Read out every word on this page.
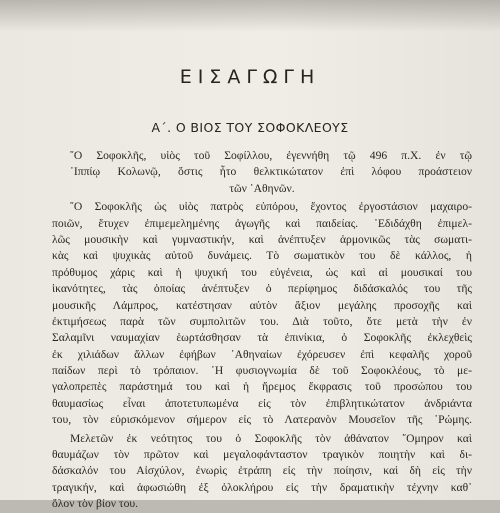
ΕΙΣΑΓΩΓΗ
Α΄. Ο ΒΙΟΣ ΤΟΥ ΣΟΦΟΚΛΕΟΥΣ
῞Ο Σοφοκλῆς, υἱὸς τοῦ Σοφίλλου, ἐγεννήθη τῷ 496 π.Χ. ἐν τῷ
῾Ιππίῳ Κολωνῷ, ὅστις ἦτο θελκτικώτατον ἐπὶ λόφου προάστειον
τῶν ᾿Αθηνῶν.
῞Ο Σοφοκλῆς ὡς υἱὸς πατρὸς εὐπόρου, ἔχοντος ἐργοστάσιον μαχαιρο-
ποιῶν, ἔτυχεν ἐπιμεμελημένης ἀγωγῆς καὶ παιδείας. ᾿Εδιδάχθη ἐπιμελ-
λῶς μουσικὴν καὶ γυμναστικήν, καὶ ἀνέπτυξεν ἁρμονικῶς τὰς σωματι-
κὰς καὶ ψυχικὰς αὐτοῦ δυνάμεις. Τὸ σωματικὸν του δὲ κάλλος, ἡ
πρόθυμος χάρις καὶ ἡ ψυχική του εὐγένεια, ὡς καὶ αἱ μουσικαί του
ἱκανότητες, τὰς ὁποίας ἀνέπτυξεν ὁ περίφημος διδάσκαλός του τῆς
μουσικῆς Λάμπρος, κατέστησαν αὐτὸν ἄξιον μεγάλης προσοχῆς καὶ
ἐκτιμήσεως παρὰ τῶν συμπολιτῶν του. Διὰ τοῦτο, ὅτε μετὰ τὴν ἐν
Σαλαμῖνι ναυμαχίαν ἑωρτάσθησαν τὰ ἐπινίκια, ὁ Σοφοκλῆς ἐκλεχθεὶς
ἐκ χιλιάδων ἄλλων ἐφήβων ᾿Αθηναίων ἐχόρευσεν ἐπὶ κεφαλῆς χοροῦ
παίδων περὶ τὸ τρόπαιον. ῾Η φυσιογνωμία δὲ τοῦ Σοφοκλέους, τὸ με-
γαλοπρεπὲς παράστημά του καὶ ἡ ἤρεμος ἔκφρασις τοῦ προσώπου του
θαυμασίως εἶναι ἀποτετυπωμένα εἰς τὸν ἐπιβλητικώτατον ἀνδριάντα
του, τὸν εὑρισκόμενον σήμερον εἰς τὸ Λατερανὸν Μουσεῖον τῆς ῾Ρώμης.
Μελετῶν ἐκ νεότητος του ὁ Σοφοκλῆς τὸν ἀθάνατον ῞Ομηρον καὶ
θαυμάζων τὸν πρῶτον καὶ μεγαλοφάνταστον τραγικὸν ποιητὴν καὶ δι-
δάσκαλόν του Αἰσχύλον, ἐνωρὶς ἐτράπη εἰς τὴν ποίησιν, καὶ δὴ εἰς τὴν
τραγικήν, καὶ ἀφωσιώθη ἐξ ὁλοκλήρου εἰς τὴν δραματικὴν τέχνην καθ᾿
ὅλον τὸν βίον του.
